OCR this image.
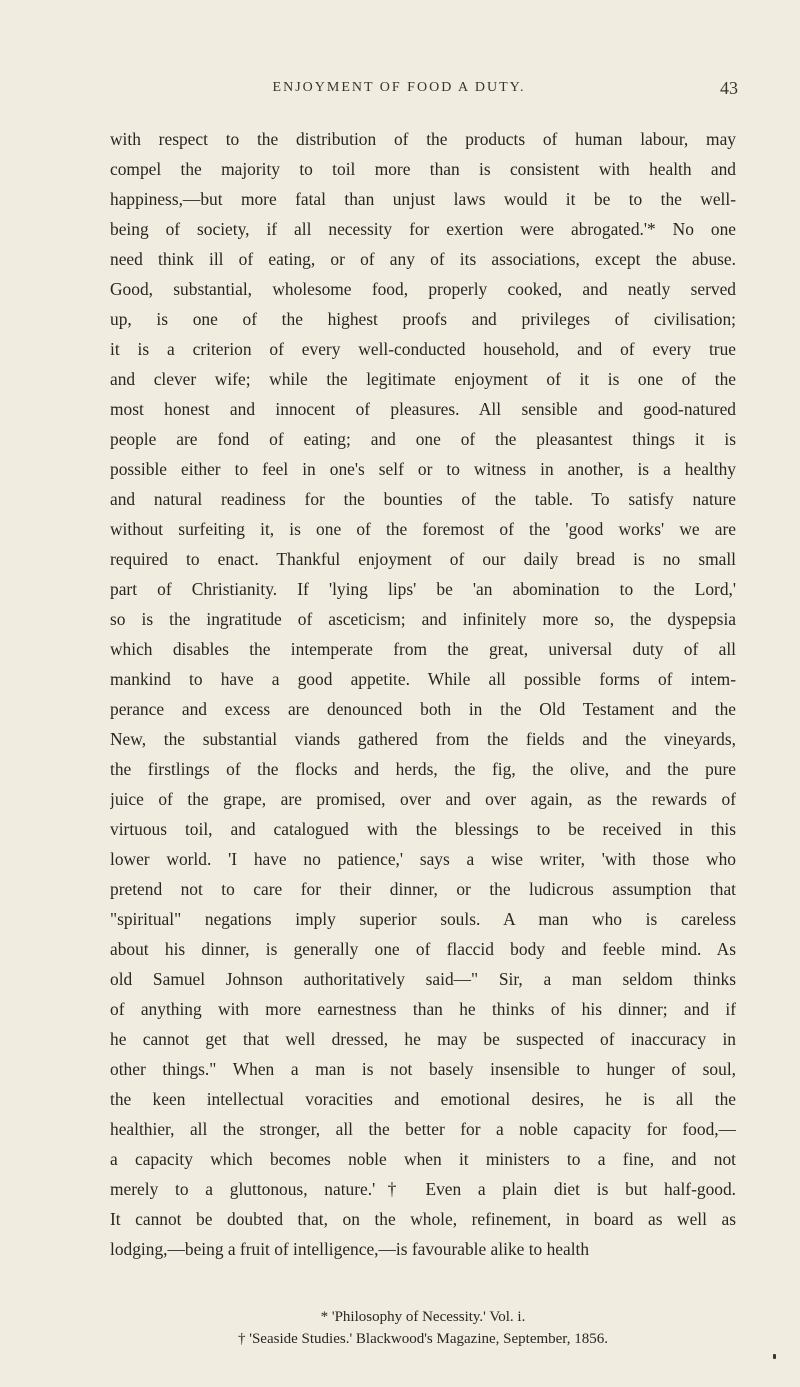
ENJOYMENT OF FOOD A DUTY.	43
with respect to the distribution of the products of human labour, may
compel the majority to toil more than is consistent with health and
happiness,—but more fatal than unjust laws would it be to the well-
being of society, if all necessity for exertion were abrogated.'* No one
need think ill of eating, or of any of its associations, except the abuse.
Good, substantial, wholesome food, properly cooked, and neatly served
up, is one of the highest proofs and privileges of civilisation;
it is a criterion of every well-conducted household, and of every true
and clever wife; while the legitimate enjoyment of it is one of the
most honest and innocent of pleasures. All sensible and good-natured
people are fond of eating; and one of the pleasantest things it is
possible either to feel in one's self or to witness in another, is a healthy
and natural readiness for the bounties of the table. To satisfy nature
without surfeiting it, is one of the foremost of the 'good works' we are
required to enact. Thankful enjoyment of our daily bread is no small
part of Christianity. If 'lying lips' be 'an abomination to the Lord,'
so is the ingratitude of asceticism; and infinitely more so, the dyspepsia
which disables the intemperate from the great, universal duty of all
mankind to have a good appetite. While all possible forms of intem-
perance and excess are denounced both in the Old Testament and the
New, the substantial viands gathered from the fields and the vineyards,
the firstlings of the flocks and herds, the fig, the olive, and the pure
juice of the grape, are promised, over and over again, as the rewards of
virtuous toil, and catalogued with the blessings to be received in this
lower world. 'I have no patience,' says a wise writer, 'with those who
pretend not to care for their dinner, or the ludicrous assumption that
"spiritual" negations imply superior souls. A man who is careless
about his dinner, is generally one of flaccid body and feeble mind. As
old Samuel Johnson authoritatively said—" Sir, a man seldom thinks
of anything with more earnestness than he thinks of his dinner; and if
he cannot get that well dressed, he may be suspected of inaccuracy in
other things." When a man is not basely insensible to hunger of soul,
the keen intellectual voracities and emotional desires, he is all the
healthier, all the stronger, all the better for a noble capacity for food,—
a capacity which becomes noble when it ministers to a fine, and not
merely to a gluttonous, nature.'† Even a plain diet is but half-good.
It cannot be doubted that, on the whole, refinement, in board as well as
lodging,—being a fruit of intelligence,—is favourable alike to health
* 'Philosophy of Necessity.' Vol. i.
† 'Seaside Studies.' Blackwood's Magazine, September, 1856.
